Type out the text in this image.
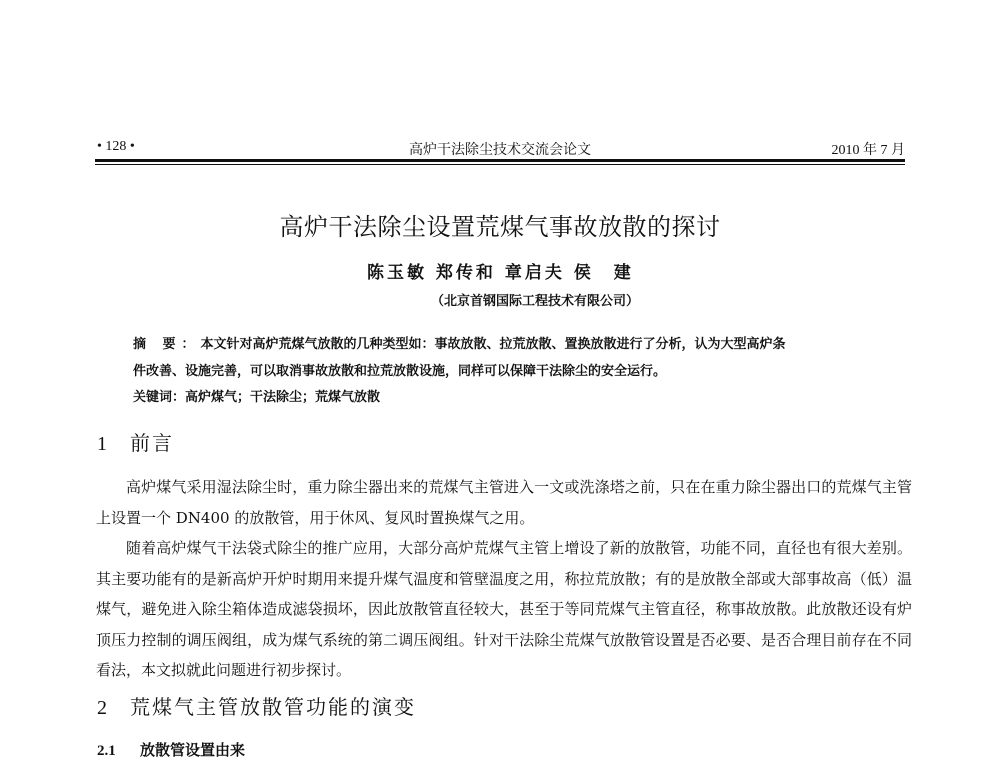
• 128 •	高炉干法除尘技术交流会论文	2010 年 7 月
高炉干法除尘设置荒煤气事故放散的探讨
陈玉敏 郑传和 章启夫 侯　建
（北京首钢国际工程技术有限公司）

摘 要：本文针对高炉荒煤气放散的几种类型如：事故放散、拉荒放散、置换放散进行了分析，认为大型高炉条

件改善、设施完善，可以取消事故放散和拉荒放散设施，同样可以保障干法除尘的安全运行。

关键词：高炉煤气；干法除尘；荒煤气放散
1 前言

高炉煤气采用湿法除尘时，重力除尘器出来的荒煤气主管进入一文或洗涤塔之前，只在在重力除尘器出口的荒煤气主管上设置一个 DN400 的放散管，用于休风、复风时置换煤气之用。

随着高炉煤气干法袋式除尘的推广应用，大部分高炉荒煤气主管上增设了新的放散管，功能不同，直径也有很大差别。其主要功能有的是新高炉开炉时期用来提升煤气温度和管壁温度之用，称拉荒放散；有的是放散全部或大部事故高（低）温煤气，避免进入除尘箱体造成滤袋损坏，因此放散管直径较大，甚至于等同荒煤气主管直径，称事故放散。此放散还设有炉顶压力控制的调压阀组，成为煤气系统的第二调压阀组。针对干法除尘荒煤气放散管设置是否必要、是否合理目前存在不同看法，本文拟就此问题进行初步探讨。

2 荒煤气主管放散管功能的演变
2.1 放散管设置由来
